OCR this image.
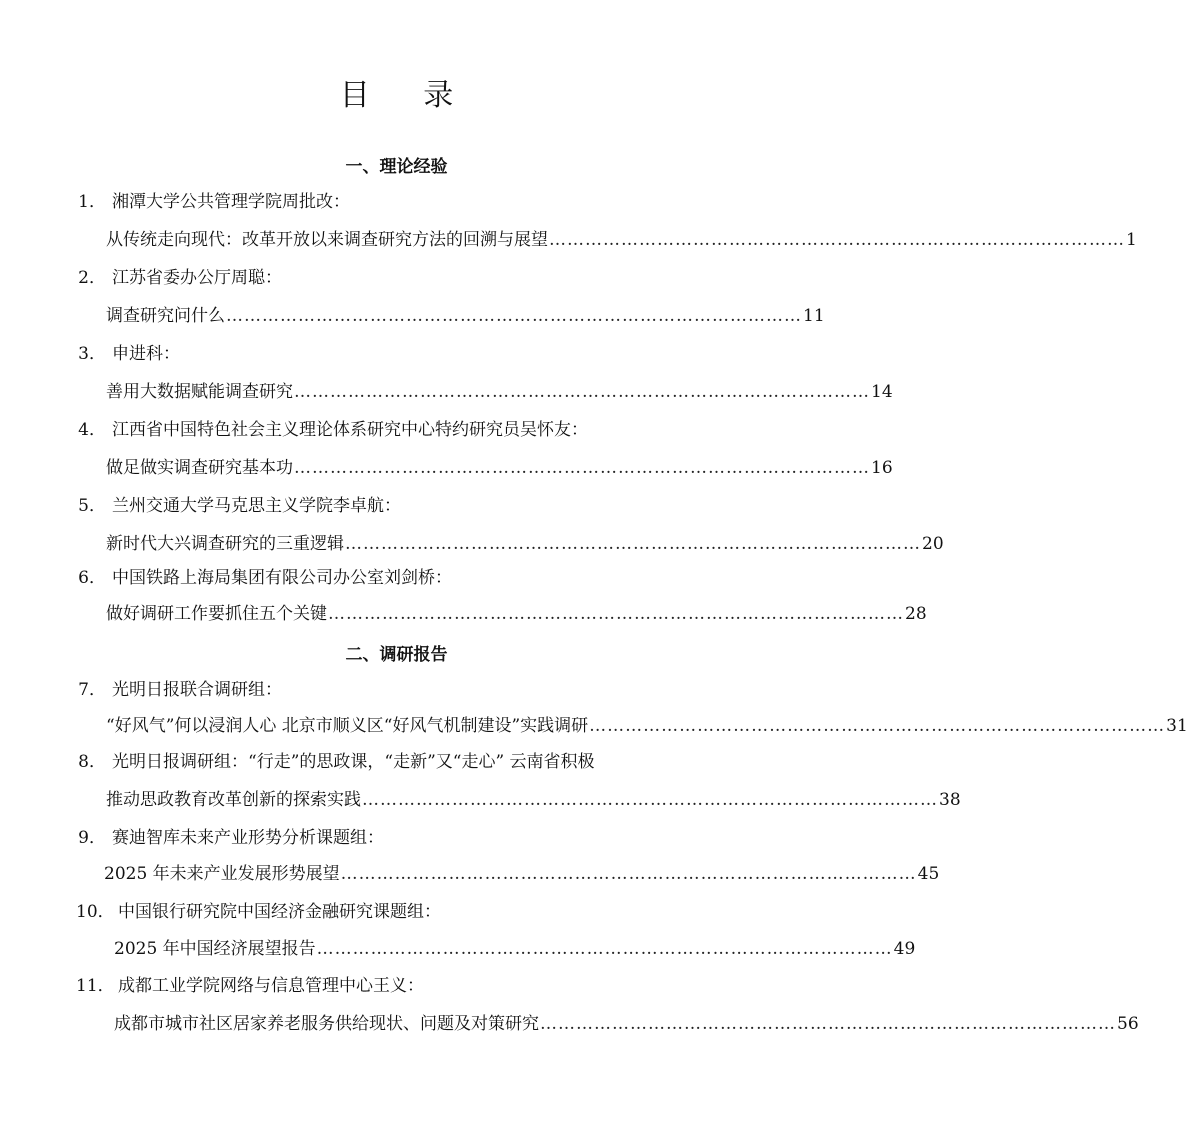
目 录
一、理论经验
1． 湘潭大学公共管理学院周批改：
从传统走向现代：改革开放以来调查研究方法的回溯与展望 …………………………………………………………………………………… 1
2． 江苏省委办公厅周聪：
调查研究问什么 …………………………………………………………………………………… 11
3． 申进科：
善用大数据赋能调查研究 …………………………………………………………………………………… 14
4． 江西省中国特色社会主义理论体系研究中心特约研究员吴怀友：
做足做实调查研究基本功 …………………………………………………………………………………… 16
5． 兰州交通大学马克思主义学院李卓航：
新时代大兴调查研究的三重逻辑 …………………………………………………………………………………… 20
6． 中国铁路上海局集团有限公司办公室刘剑桥：
做好调研工作要抓住五个关键 …………………………………………………………………………………… 28
二、调研报告
7． 光明日报联合调研组：
“好风气”何以浸润人心 北京市顺义区“好风气机制建设”实践调研 …………………………………………………………………………………… 31
8． 光明日报调研组：“行走”的思政课，“走新”又“走心” 云南省积极
推动思政教育改革创新的探索实践 …………………………………………………………………………………… 38
9． 赛迪智库未来产业形势分析课题组：
2025 年未来产业发展形势展望 …………………………………………………………………………………… 45
10． 中国银行研究院中国经济金融研究课题组：
2025 年中国经济展望报告 …………………………………………………………………………………… 49
11． 成都工业学院网络与信息管理中心王义：
成都市城市社区居家养老服务供给现状、问题及对策研究 …………………………………………………………………………………… 56
